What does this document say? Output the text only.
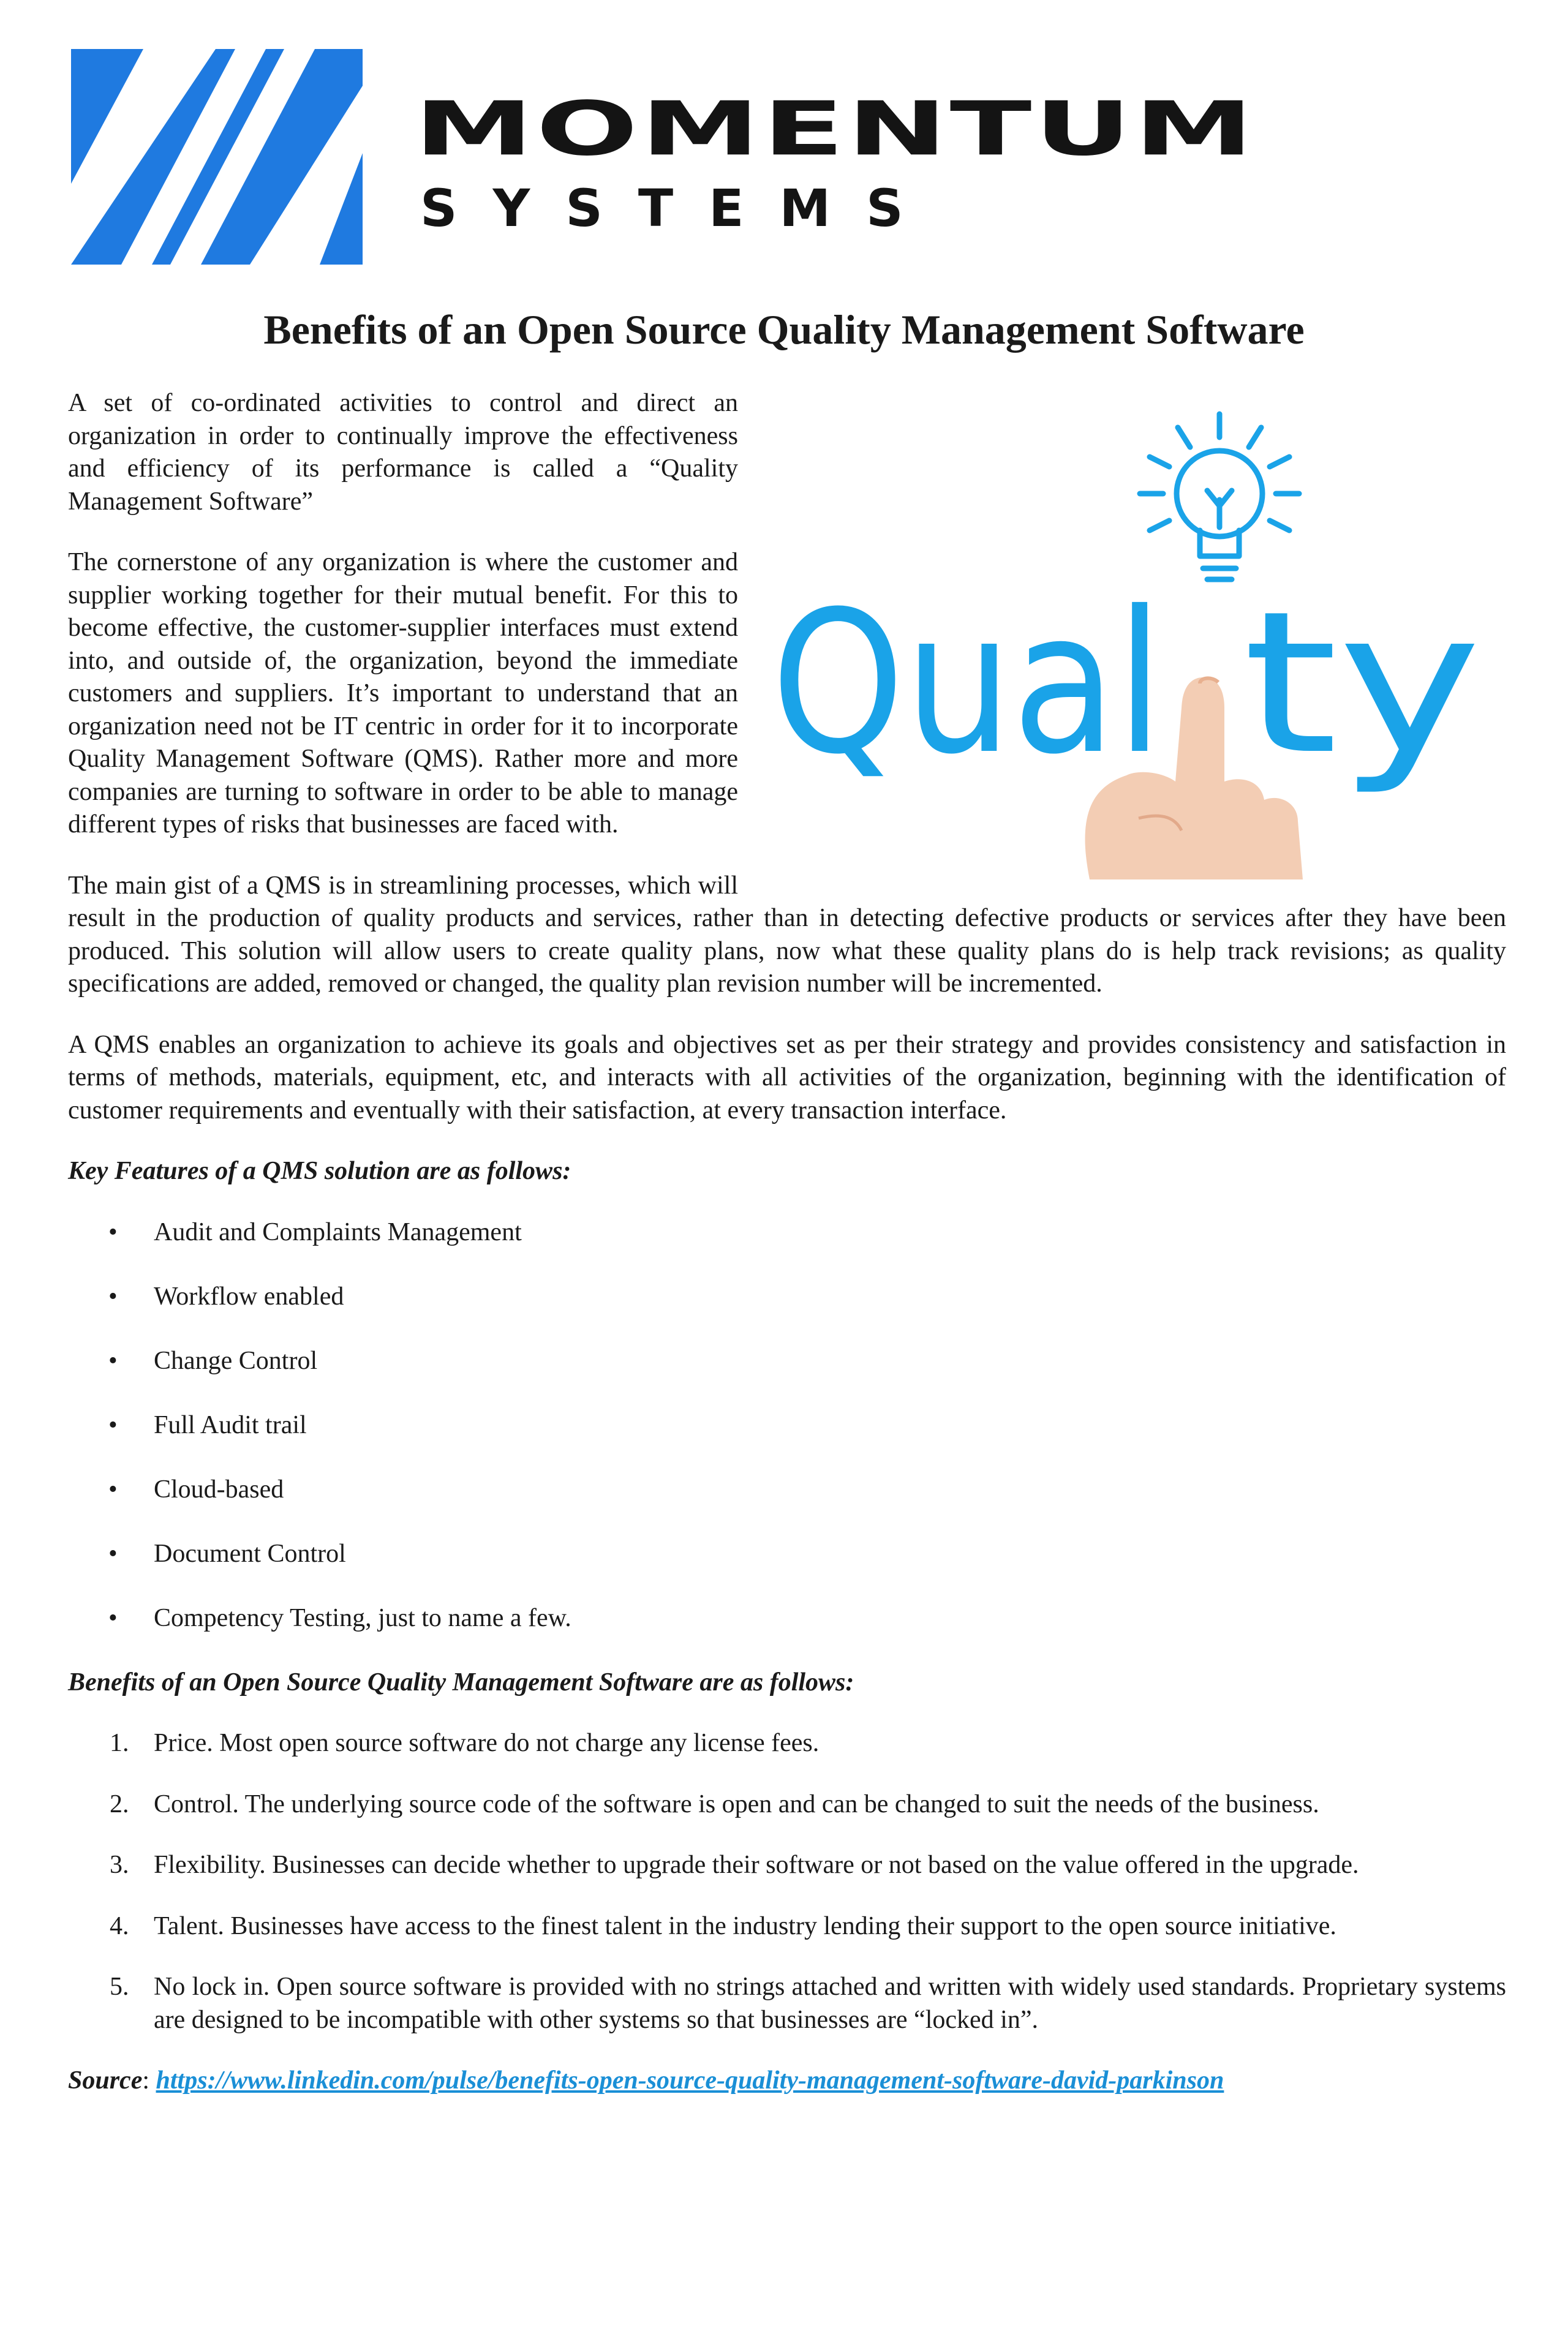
MOMENTUM
SYSTEMS
Benefits of an Open Source Quality Management Software
Qual ty

A set of co-ordinated activities to control and direct an organization in order to continually improve the effectiveness and efficiency of its performance is called a “Quality Management Software”

The cornerstone of any organization is where the customer and supplier working together for their mutual benefit. For this to become effective, the customer-supplier interfaces must extend into, and outside of, the organization, beyond the immediate customers and suppliers. It’s important to understand that an organization need not be IT centric in order for it to incorporate Quality Management Software (QMS). Rather more and more companies are turning to software in order to be able to manage different types of risks that businesses are faced with.

The main gist of a QMS is in streamlining processes, which will result in the production of quality products and services, rather than in detecting defective products or services after they have been produced. This solution will allow users to create quality plans, now what these quality plans do is help track revisions; as quality specifications are added, removed or changed, the quality plan revision number will be incremented.

A QMS enables an organization to achieve its goals and objectives set as per their strategy and provides consistency and satisfaction in terms of methods, materials, equipment, etc, and interacts with all activities of the organization, beginning with the identification of customer requirements and eventually with their satisfaction, at every transaction interface.

Key Features of a QMS solution are as follows:

• Audit and Complaints Management
• Workflow enabled
• Change Control
• Full Audit trail
• Cloud-based
• Document Control
• Competency Testing, just to name a few.

Benefits of an Open Source Quality Management Software are as follows:

1. Price. Most open source software do not charge any license fees.
2. Control. The underlying source code of the software is open and can be changed to suit the needs of the business.
3. Flexibility. Businesses can decide whether to upgrade their software or not based on the value offered in the upgrade.
4. Talent. Businesses have access to the finest talent in the industry lending their support to the open source initiative.
5. No lock in. Open source software is provided with no strings attached and written with widely used standards. Proprietary systems are designed to be incompatible with other systems so that businesses are “locked in”.

Source: https://www.linkedin.com/pulse/benefits-open-source-quality-management-software-david-parkinson
